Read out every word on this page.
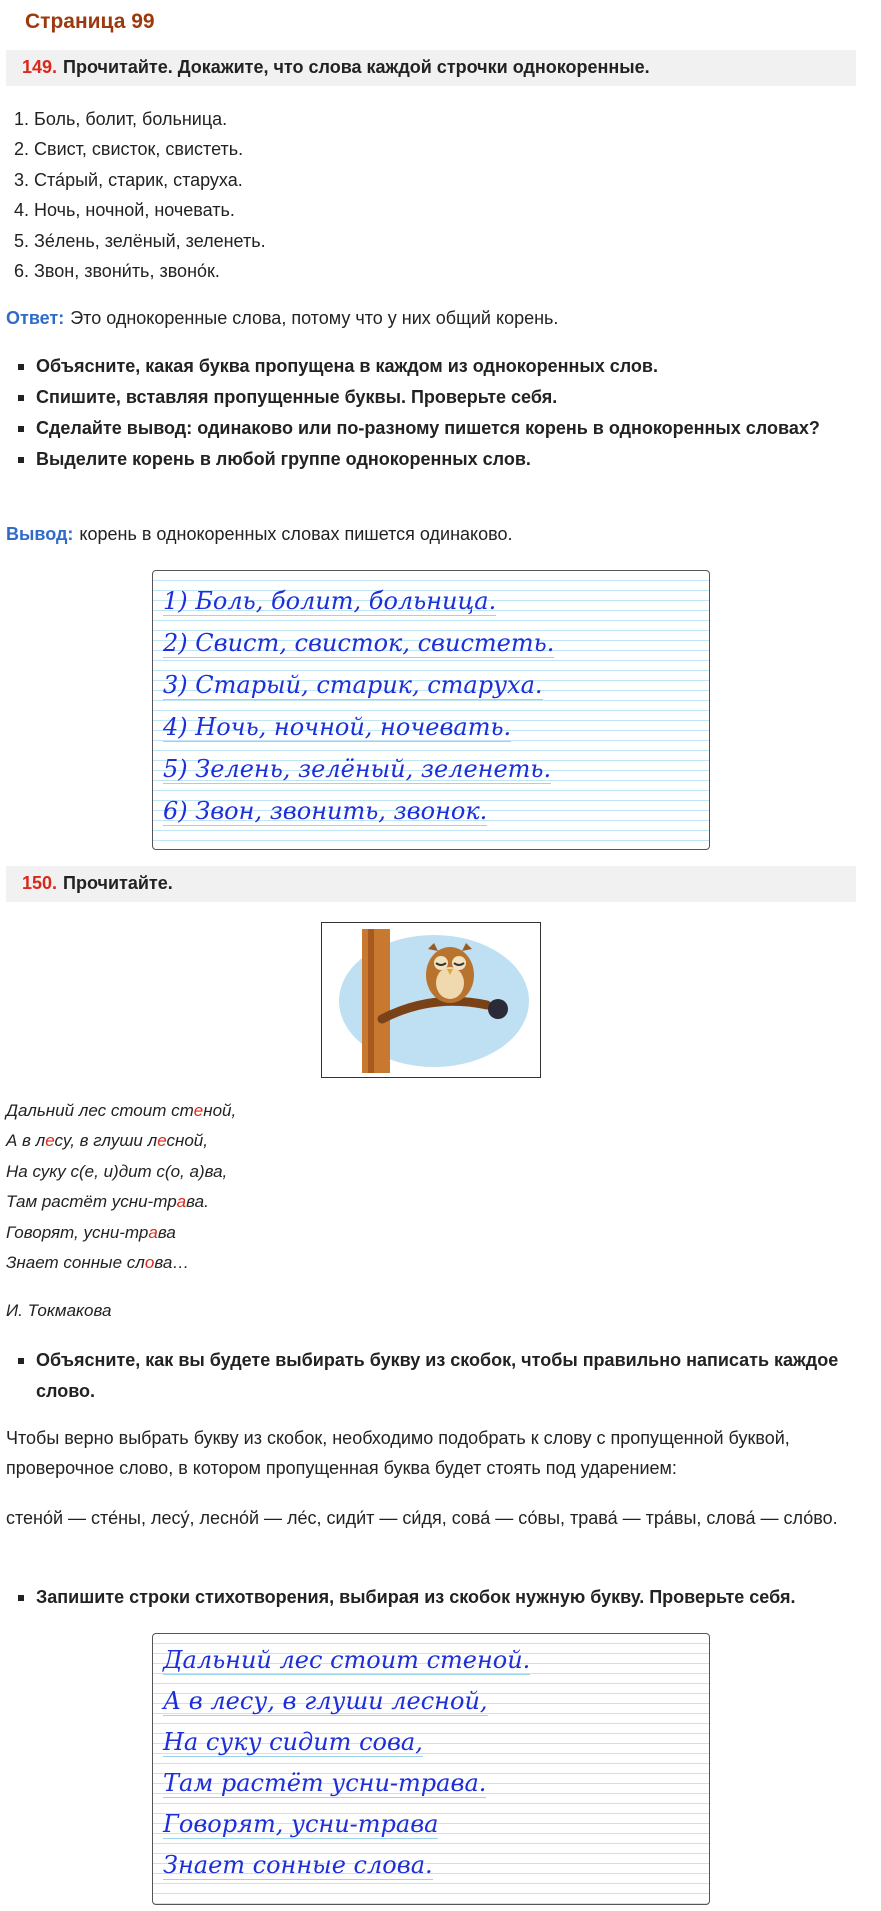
Страница 99
149. Прочитайте. Докажите, что слова каждой строчки однокоренные.
1. Боль, болит, больница.
2. Свист, свисток, свистеть.
3. Ста́рый, старик, старуха.
4. Ночь, ночной, ночевать.
5. Зе́лень, зелёный, зеленеть.
6. Звон, звони́ть, звоно́к.
Ответ: Это однокоренные слова, потому что у них общий корень.
Объясните, какая буква пропущена в каждом из однокоренных слов.
Спишите, вставляя пропущенные буквы. Проверьте себя.
Сделайте вывод: одинаково или по-разному пишется корень в однокоренных словах?
Выделите корень в любой группе однокоренных слов.
Вывод: корень в однокоренных словах пишется одинаково.
1) Боль, болит, больница.
2) Свист, свисток, свистеть.
3) Старый, старик, старуха.
4) Ночь, ночной, ночевать.
5) Зелень, зелёный, зеленеть.
6) Звон, звонить, звонок.
150. Прочитайте.
Дальний лес стоит стеной,
А в лесу, в глуши лесной,
На суку с(е, и)дит с(о, а)ва,
Там растёт усни-трава.
Говорят, усни-трава
Знает сонные слова…
И. Токмакова
Объясните, как вы будете выбирать букву из скобок, чтобы правильно написать каждое слово.
Чтобы верно выбрать букву из скобок, необходимо подобрать к слову с пропущенной буквой, проверочное слово, в котором пропущенная буква будет стоять под ударением:
стено́й — сте́ны, лесу́, лесно́й — ле́с, сиди́т — си́дя, сова́ — со́вы, трава́ — тра́вы, слова́ — сло́во.
Запишите строки стихотворения, выбирая из скобок нужную букву. Проверьте себя.
Дальний лес стоит стеной.
А в лесу, в глуши лесной,
На суку сидит сова,
Там растёт усни-трава.
Говорят, усни-трава
Знает сонные слова.
